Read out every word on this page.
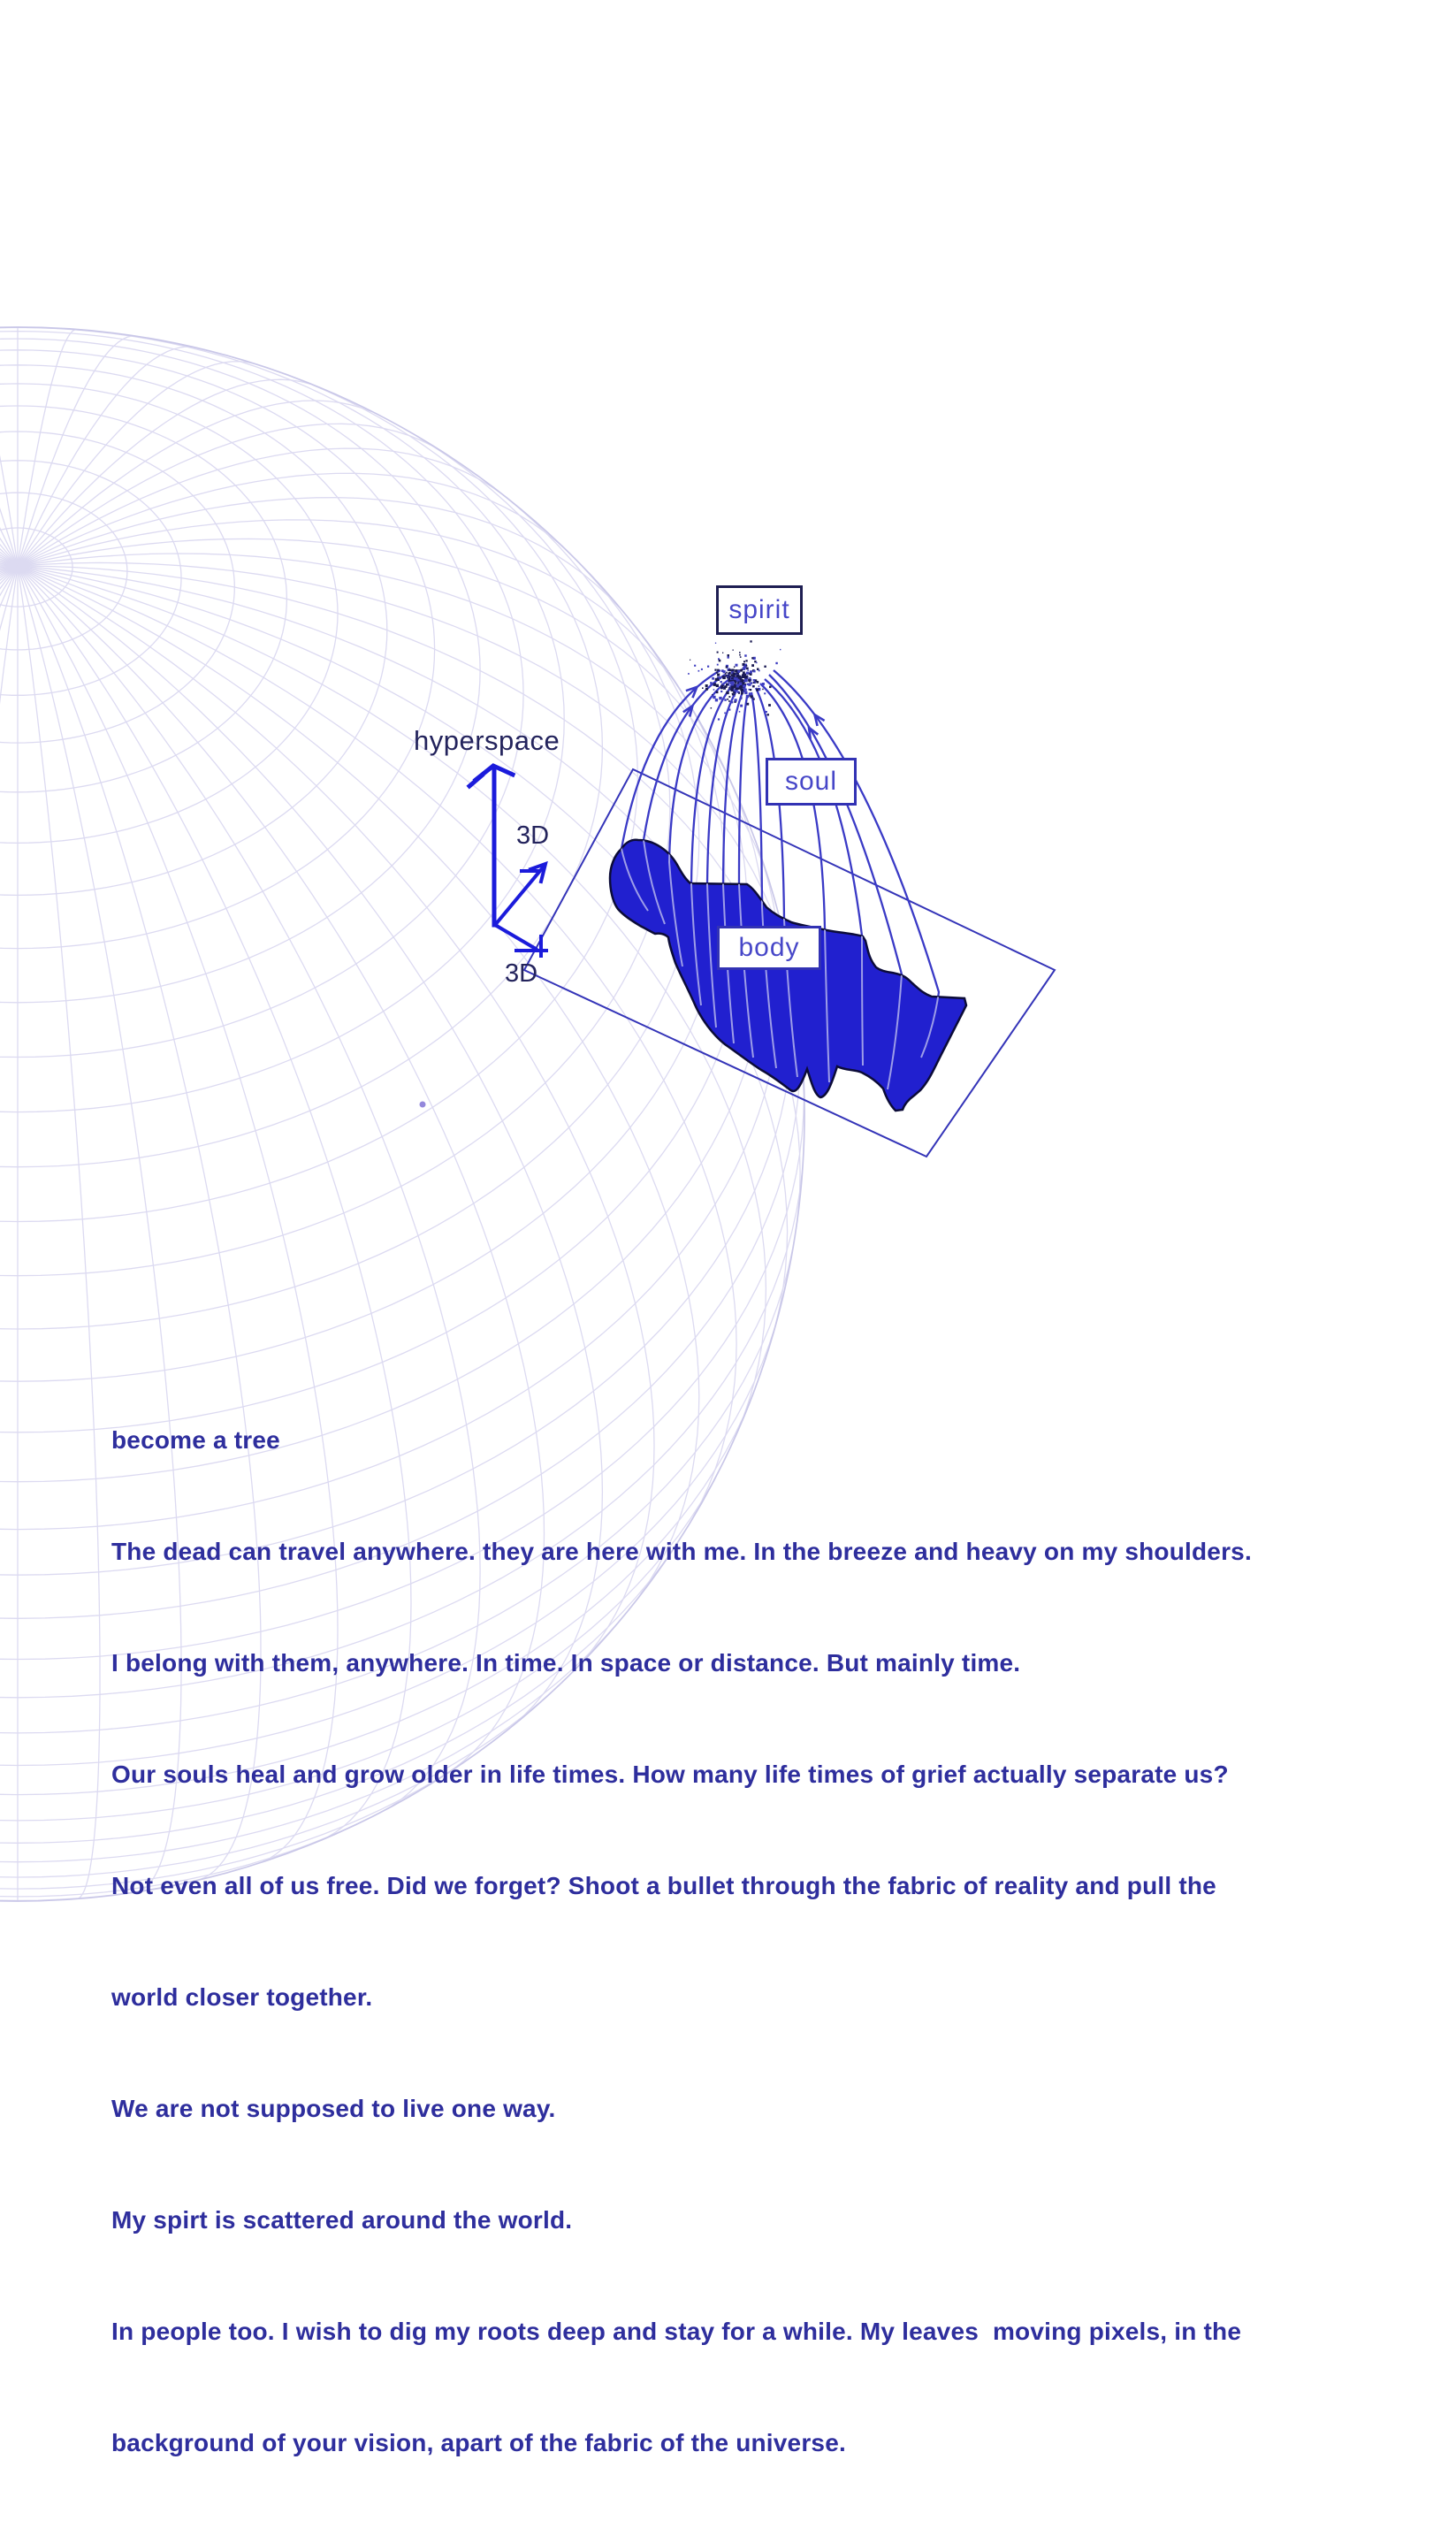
spirit
soul
body
hyperspace
3D
3D

become a tree

The dead can travel anywhere. they are here with me. In the breeze and heavy on my shoulders.

I belong with them, anywhere. In time. In space or distance. But mainly time.

Our souls heal and grow older in life times. How many life times of grief actually separate us?

Not even all of us free. Did we forget? Shoot a bullet through the fabric of reality and pull the

world closer together.

We are not supposed to live one way.

My spirt is scattered around the world.

In people too. I wish to dig my roots deep and stay for a while. My leaves  moving pixels, in the

background of your vision, apart of the fabric of the universe.
